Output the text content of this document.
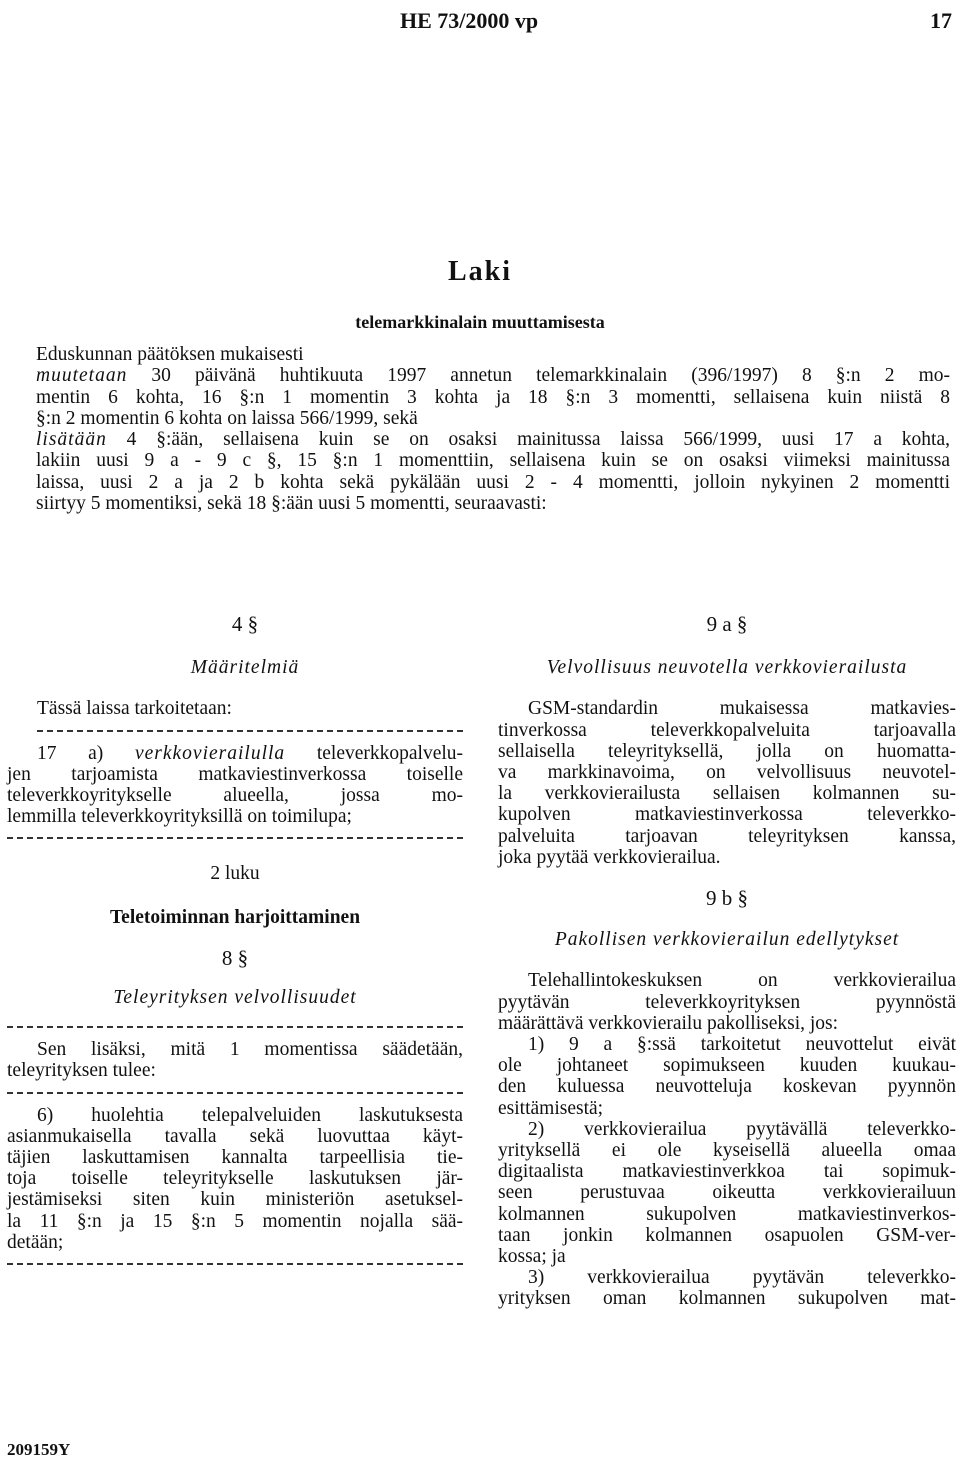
HE 73/2000 vp	17
Laki
telemarkkinalain muuttamisesta

Eduskunnan päätöksen mukaisesti

muutetaan 30 päivänä huhtikuuta 1997 annetun telemarkkinalain (396/1997) 8 §:n 2 mo-

mentin 6 kohta, 16 §:n 1 momentin 3 kohta ja 18 §:n 3 momentti, sellaisena kuin niistä 8

§:n 2 momentin 6 kohta on laissa 566/1999, sekä

lisätään 4 §:ään, sellaisena kuin se on osaksi mainitussa laissa 566/1999, uusi 17 a kohta,

lakiin uusi 9 a - 9 c §, 15 §:n 1 momenttiin, sellaisena kuin se on osaksi viimeksi mainitussa

laissa, uusi 2 a ja 2 b kohta sekä pykälään uusi 2 - 4 momentti, jolloin nykyinen 2 momentti

siirtyy 5 momentiksi, sekä 18 §:ään uusi 5 momentti, seuraavasti:

4 §
Määritelmiä

Tässä laissa tarkoitetaan:

17 a) verkkovierailulla televerkkopalvelu-

jen tarjoamista matkaviestinverkossa toiselle

televerkkoyritykselle alueella, jossa mo-

lemmilla televerkkoyrityksillä on toimilupa;

2 luku
Teletoiminnan harjoittaminen
8 §
Teleyrityksen velvollisuudet

Sen lisäksi, mitä 1 momentissa säädetään,

teleyrityksen tulee:

6) huolehtia telepalveluiden laskutuksesta

asianmukaisella tavalla sekä luovuttaa käyt-

täjien laskuttamisen kannalta tarpeellisia tie-

toja toiselle teleyritykselle laskutuksen jär-

jestämiseksi siten kuin ministeriön asetuksel-

la 11 §:n ja 15 §:n 5 momentin nojalla sää-

detään;

9 a §
Velvollisuus neuvotella verkkovierailusta

GSM-standardin mukaisessa matkavies-

tinverkossa televerkkopalveluita tarjoavalla

sellaisella teleyrityksellä, jolla on huomatta-

va markkinavoima, on velvollisuus neuvotel-

la verkkovierailusta sellaisen kolmannen su-

kupolven matkaviestinverkossa televerkko-

palveluita tarjoavan teleyrityksen kanssa,

joka pyytää verkkovierailua.

9 b §
Pakollisen verkkovierailun edellytykset

Telehallintokeskuksen on verkkovierailua

pyytävän televerkkoyrityksen pyynnöstä

määrättävä verkkovierailu pakolliseksi, jos:

1) 9 a §:ssä tarkoitetut neuvottelut eivät

ole johtaneet sopimukseen kuuden kuukau-

den kuluessa neuvotteluja koskevan pyynnön

esittämisestä;

2) verkkovierailua pyytävällä televerkko-

yrityksellä ei ole kyseisellä alueella omaa

digitaalista matkaviestinverkkoa tai sopimuk-

seen perustuvaa oikeutta verkkovierailuun

kolmannen sukupolven matkaviestinverkos-

taan jonkin kolmannen osapuolen GSM-ver-

kossa; ja

3) verkkovierailua pyytävän televerkko-

yrityksen oman kolmannen sukupolven mat-

209159Y
